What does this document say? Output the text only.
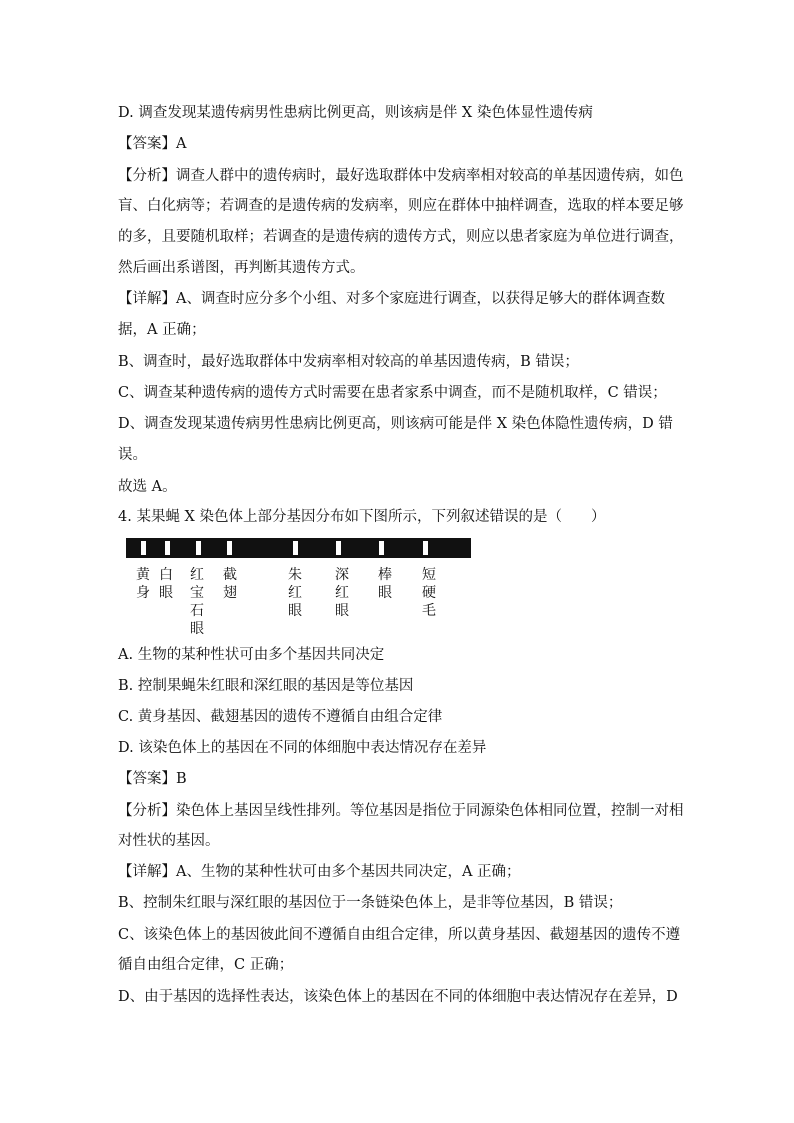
D. 调查发现某遗传病男性患病比例更高，则该病是伴 X 染色体显性遗传病
【答案】A
【分析】调查人群中的遗传病时，最好选取群体中发病率相对较高的单基因遗传病，如色
盲、白化病等；若调查的是遗传病的发病率，则应在群体中抽样调查，选取的样本要足够
的多，且要随机取样；若调查的是遗传病的遗传方式，则应以患者家庭为单位进行调查，
然后画出系谱图，再判断其遗传方式。
【详解】A、调查时应分多个小组、对多个家庭进行调查，以获得足够大的群体调查数
据，A 正确；
B、调查时，最好选取群体中发病率相对较高的单基因遗传病，B 错误；
C、调查某种遗传病的遗传方式时需要在患者家系中调查，而不是随机取样，C 错误；
D、调查发现某遗传病男性患病比例更高，则该病可能是伴 X 染色体隐性遗传病，D 错
误。
故选 A。
4. 某果蝇 X 染色体上部分基因分布如下图所示，下列叙述错误的是（　　）
黄身
白眼
红宝石眼
截翅
朱红眼
深红眼
棒眼
短硬毛
A. 生物的某种性状可由多个基因共同决定
B. 控制果蝇朱红眼和深红眼的基因是等位基因
C. 黄身基因、截翅基因的遗传不遵循自由组合定律
D. 该染色体上的基因在不同的体细胞中表达情况存在差异
【答案】B
【分析】染色体上基因呈线性排列。等位基因是指位于同源染色体相同位置，控制一对相
对性状的基因。
【详解】A、生物的某种性状可由多个基因共同决定，A 正确；
B、控制朱红眼与深红眼的基因位于一条链染色体上，是非等位基因，B 错误；
C、该染色体上的基因彼此间不遵循自由组合定律，所以黄身基因、截翅基因的遗传不遵
循自由组合定律，C 正确；
D、由于基因的选择性表达，该染色体上的基因在不同的体细胞中表达情况存在差异，D
